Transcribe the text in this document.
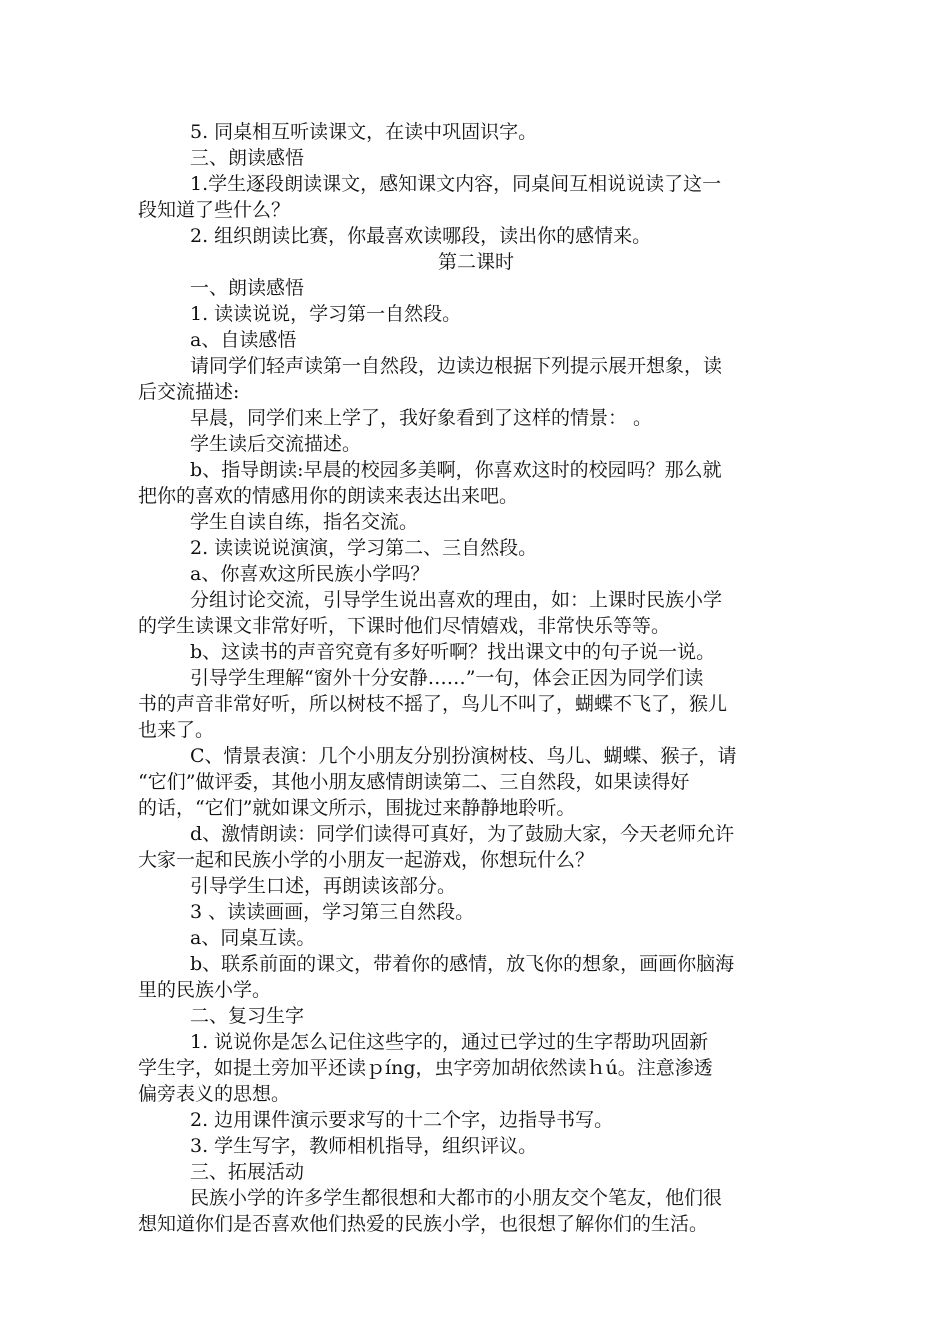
5. 同桌相互听读课文，在读中巩固识字。
三、朗读感悟
1.学生逐段朗读课文，感知课文内容，同桌间互相说说读了这一
段知道了些什么？
2. 组织朗读比赛，你最喜欢读哪段，读出你的感情来。
第二课时
一、朗读感悟
1. 读读说说，学习第一自然段。
a、自读感悟
请同学们轻声读第一自然段，边读边根据下列提示展开想象，读
后交流描述:
早晨，同学们来上学了，我好象看到了这样的情景： 。
学生读后交流描述。
b、指导朗读:早晨的校园多美啊，你喜欢这时的校园吗？那么就
把你的喜欢的情感用你的朗读来表达出来吧。
学生自读自练，指名交流。
2. 读读说说演演，学习第二、三自然段。
a、你喜欢这所民族小学吗？
分组讨论交流，引导学生说出喜欢的理由，如：上课时民族小学
的学生读课文非常好听，下课时他们尽情嬉戏，非常快乐等等。
b、这读书的声音究竟有多好听啊？找出课文中的句子说一说。
引导学生理解“窗外十分安静……”一句，体会正因为同学们读
书的声音非常好听，所以树枝不摇了，鸟儿不叫了，蝴蝶不飞了，猴儿
也来了。
C、情景表演：几个小朋友分别扮演树枝、鸟儿、蝴蝶、猴子，请
“它们”做评委，其他小朋友感情朗读第二、三自然段，如果读得好
的话，“它们”就如课文所示，围拢过来静静地聆听。
d、激情朗读：同学们读得可真好，为了鼓励大家，今天老师允许
大家一起和民族小学的小朋友一起游戏，你想玩什么？
引导学生口述，再朗读该部分。
3 、读读画画，学习第三自然段。
a、同桌互读。
b、联系前面的课文，带着你的感情，放飞你的想象，画画你脑海
里的民族小学。
二、复习生字
1. 说说你是怎么记住这些字的，通过已学过的生字帮助巩固新
学生字，如提土旁加平还读ｐíng，虫字旁加胡依然读ｈú。注意渗透
偏旁表义的思想。
2. 边用课件演示要求写的十二个字，边指导书写。
3. 学生写字，教师相机指导，组织评议。
三、拓展活动
民族小学的许多学生都很想和大都市的小朋友交个笔友，他们很
想知道你们是否喜欢他们热爱的民族小学，也很想了解你们的生活。
